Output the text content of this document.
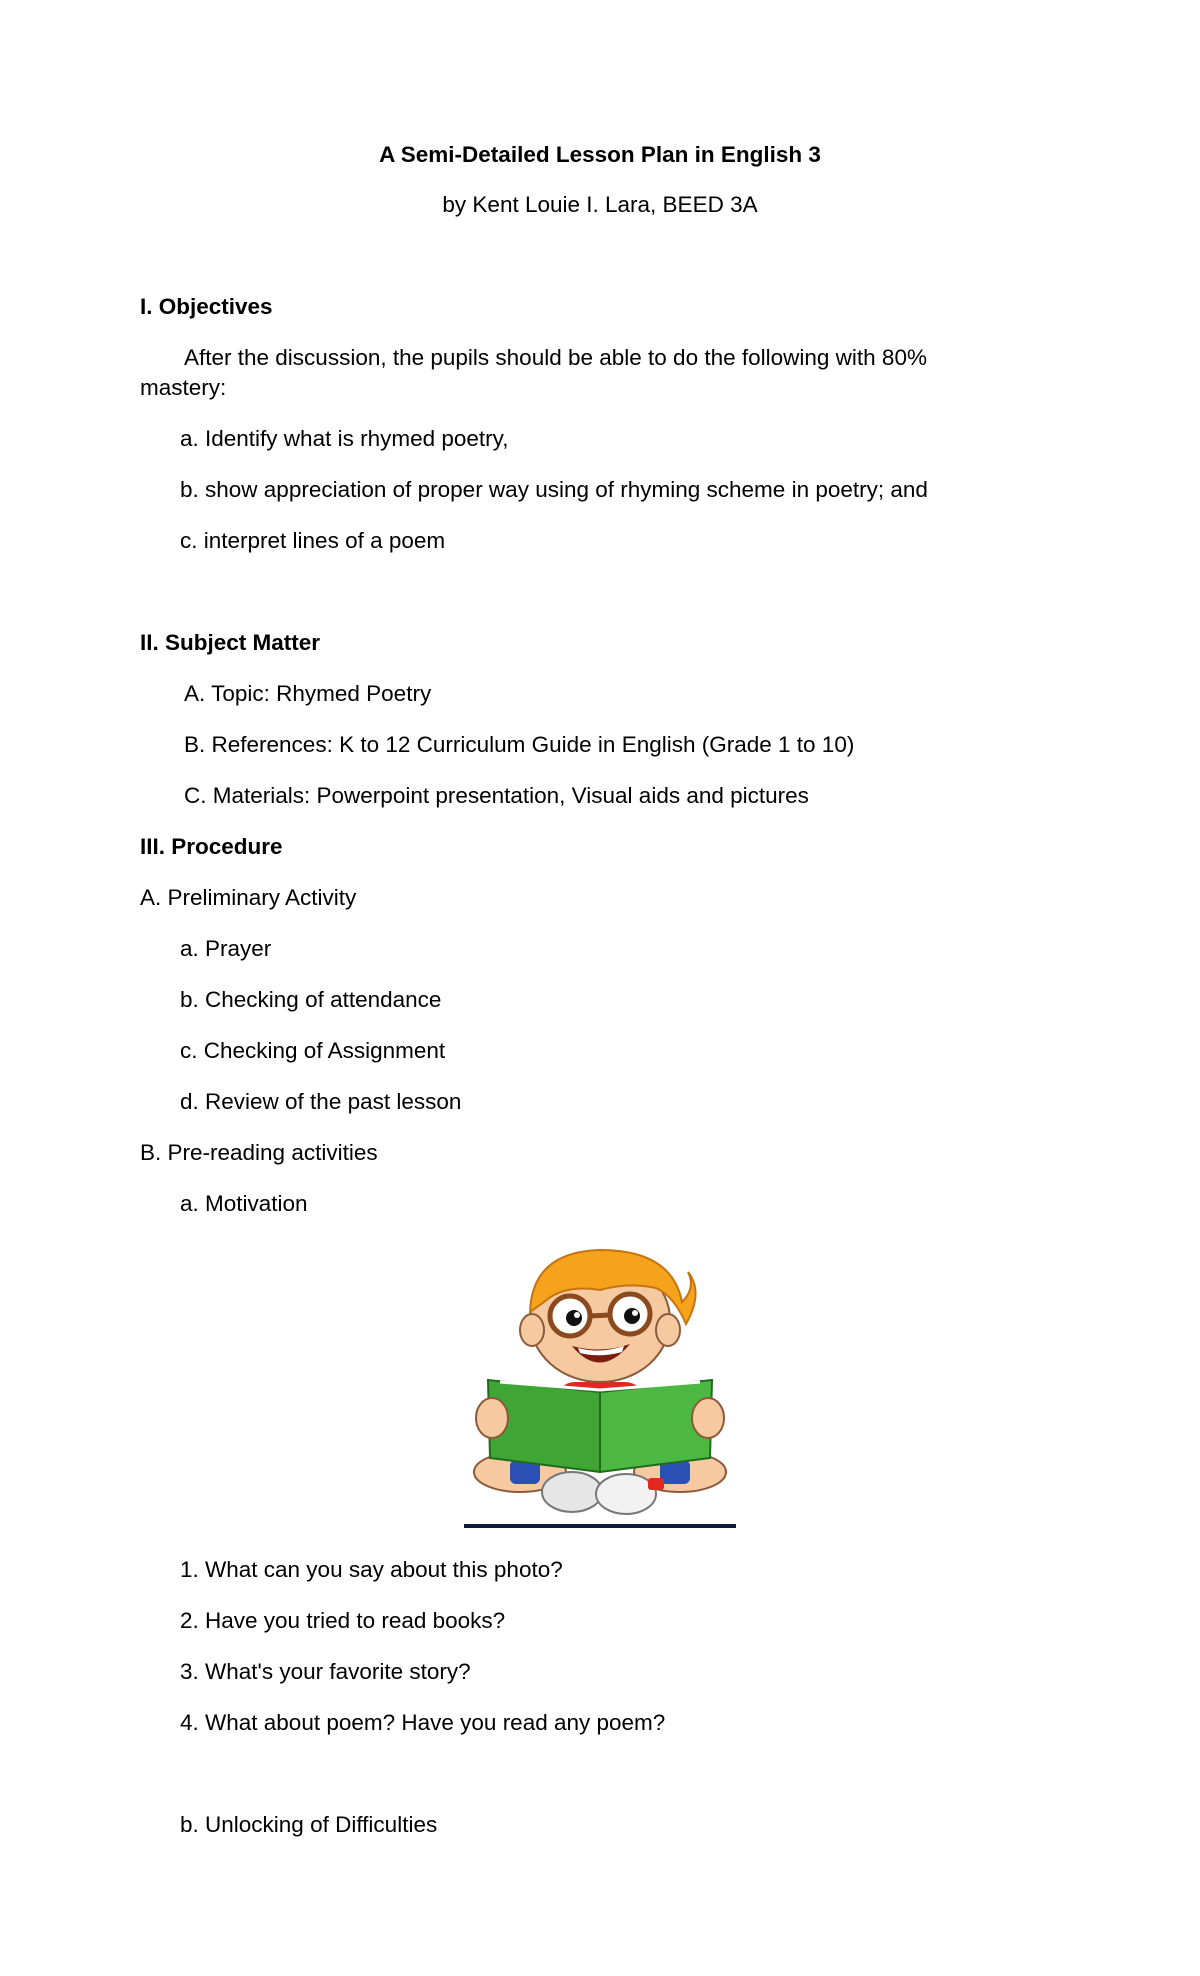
A Semi-Detailed Lesson Plan in English 3
by Kent Louie I. Lara, BEED 3A
I. Objectives
After the discussion, the pupils should be able to do the following with 80%
mastery:
a. Identify what is rhymed poetry,
b. show appreciation of proper way using of rhyming scheme in poetry; and
c. interpret lines of a poem
II. Subject Matter
A. Topic: Rhymed Poetry
B. References: K to 12 Curriculum Guide in English (Grade 1 to 10)
C. Materials: Powerpoint presentation, Visual aids and pictures
III. Procedure
A. Preliminary Activity
a. Prayer
b. Checking of attendance
c. Checking of Assignment
d. Review of the past lesson
B. Pre-reading activities
a. Motivation
1. What can you say about this photo?
2. Have you tried to read books?
3. What's your favorite story?
4. What about poem? Have you read any poem?
b. Unlocking of Difficulties
